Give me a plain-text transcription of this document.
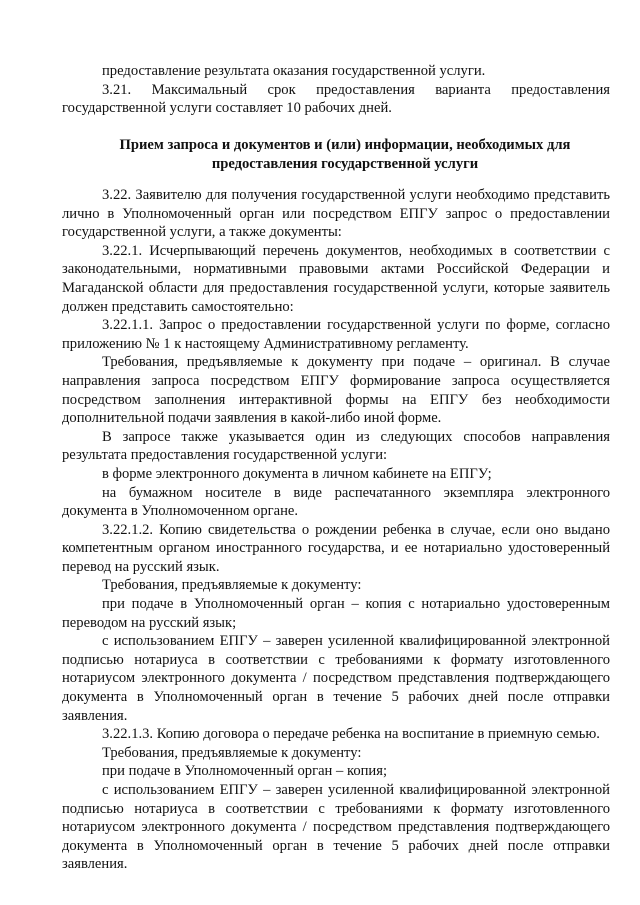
предоставление результата оказания государственной услуги.

3.21. Максимальный срок предоставления варианта предоставления государственной услуги составляет 10 рабочих дней.

Прием запроса и документов и (или) информации, необходимых для предоставления государственной услуги

3.22. Заявителю для получения государственной услуги необходимо представить лично в Уполномоченный орган или посредством ЕПГУ запрос о предоставлении государственной услуги, а также документы:

3.22.1. Исчерпывающий перечень документов, необходимых в соответствии с законодательными, нормативными правовыми актами Российской Федерации и Магаданской области для предоставления государственной услуги, которые заявитель должен представить самостоятельно:

3.22.1.1. Запрос о предоставлении государственной услуги по форме, согласно приложению № 1 к настоящему Административному регламенту.

Требования, предъявляемые к документу при подаче – оригинал. В случае направления запроса посредством ЕПГУ формирование запроса осуществляется посредством заполнения интерактивной формы на ЕПГУ без необходимости дополнительной подачи заявления в какой-либо иной форме.

В запросе также указывается один из следующих способов направления результата предоставления государственной услуги:

в форме электронного документа в личном кабинете на ЕПГУ;

на бумажном носителе в виде распечатанного экземпляра электронного документа в Уполномоченном органе.

3.22.1.2. Копию свидетельства о рождении ребенка в случае, если оно выдано компетентным органом иностранного государства, и ее нотариально удостоверенный перевод на русский язык.

Требования, предъявляемые к документу:

при подаче в Уполномоченный орган – копия с нотариально удостоверенным переводом на русский язык;

с использованием ЕПГУ – заверен усиленной квалифицированной электронной подписью нотариуса в соответствии с требованиями к формату изготовленного нотариусом электронного документа / посредством представления подтверждающего документа в Уполномоченный орган в течение 5 рабочих дней после отправки заявления.

3.22.1.3. Копию договора о передаче ребенка на воспитание в приемную семью.

Требования, предъявляемые к документу:

при подаче в Уполномоченный орган – копия;

с использованием ЕПГУ – заверен усиленной квалифицированной электронной подписью нотариуса в соответствии с требованиями к формату изготовленного нотариусом электронного документа / посредством представления подтверждающего документа в Уполномоченный орган в течение 5 рабочих дней после отправки заявления.
